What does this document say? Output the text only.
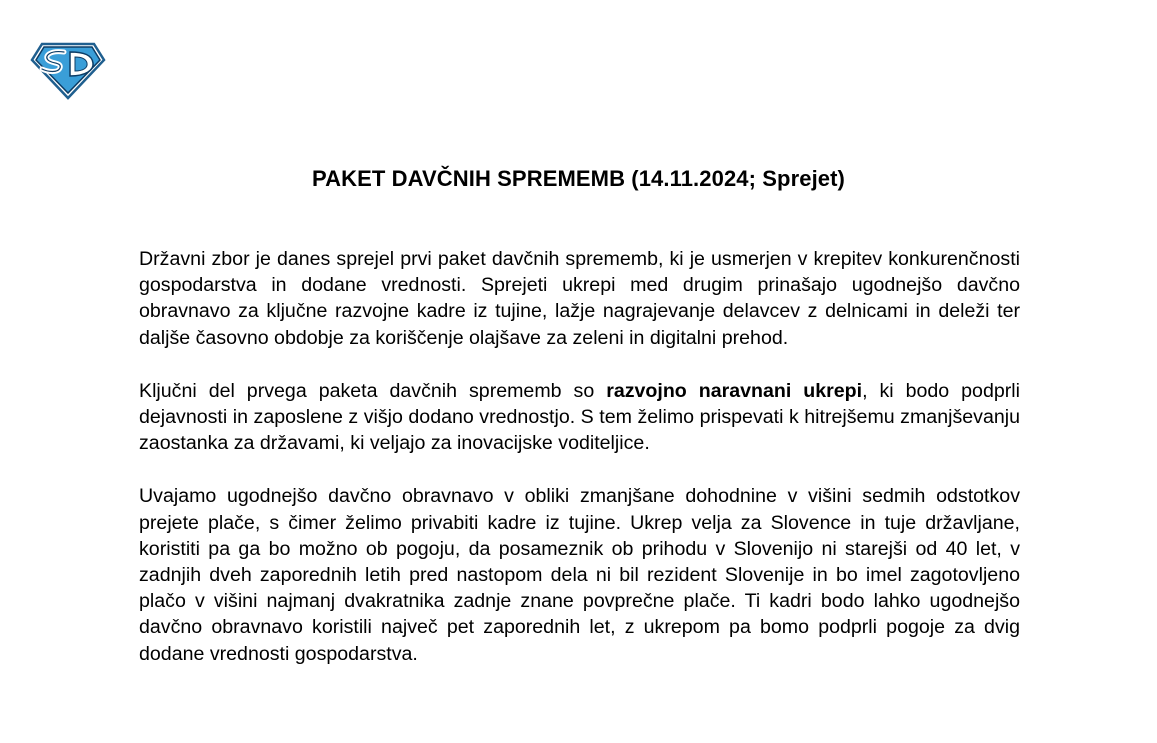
PAKET DAVČNIH SPREMEMB (14.11.2024; Sprejet)

Državni zbor je danes sprejel prvi paket davčnih sprememb, ki je usmerjen v krepitev konkurenčnosti gospodarstva in dodane vrednosti. Sprejeti ukrepi med drugim prinašajo ugodnejšo davčno obravnavo za ključne razvojne kadre iz tujine, lažje nagrajevanje delavcev z delnicami in deleži ter daljše časovno obdobje za koriščenje olajšave za zeleni in digitalni prehod.

Ključni del prvega paketa davčnih sprememb so razvojno naravnani ukrepi, ki bodo podprli dejavnosti in zaposlene z višjo dodano vrednostjo. S tem želimo prispevati k hitrejšemu zmanjševanju zaostanka za državami, ki veljajo za inovacijske voditeljice.

Uvajamo ugodnejšo davčno obravnavo v obliki zmanjšane dohodnine v višini sedmih odstotkov prejete plače, s čimer želimo privabiti kadre iz tujine. Ukrep velja za Slovence in tuje državljane, koristiti pa ga bo možno ob pogoju, da posameznik ob prihodu v Slovenijo ni starejši od 40 let, v zadnjih dveh zaporednih letih pred nastopom dela ni bil rezident Slovenije in bo imel zagotovljeno plačo v višini najmanj dvakratnika zadnje znane povprečne plače. Ti kadri bodo lahko ugodnejšo davčno obravnavo koristili največ pet zaporednih let, z ukrepom pa bomo podprli pogoje za dvig dodane vrednosti gospodarstva.
